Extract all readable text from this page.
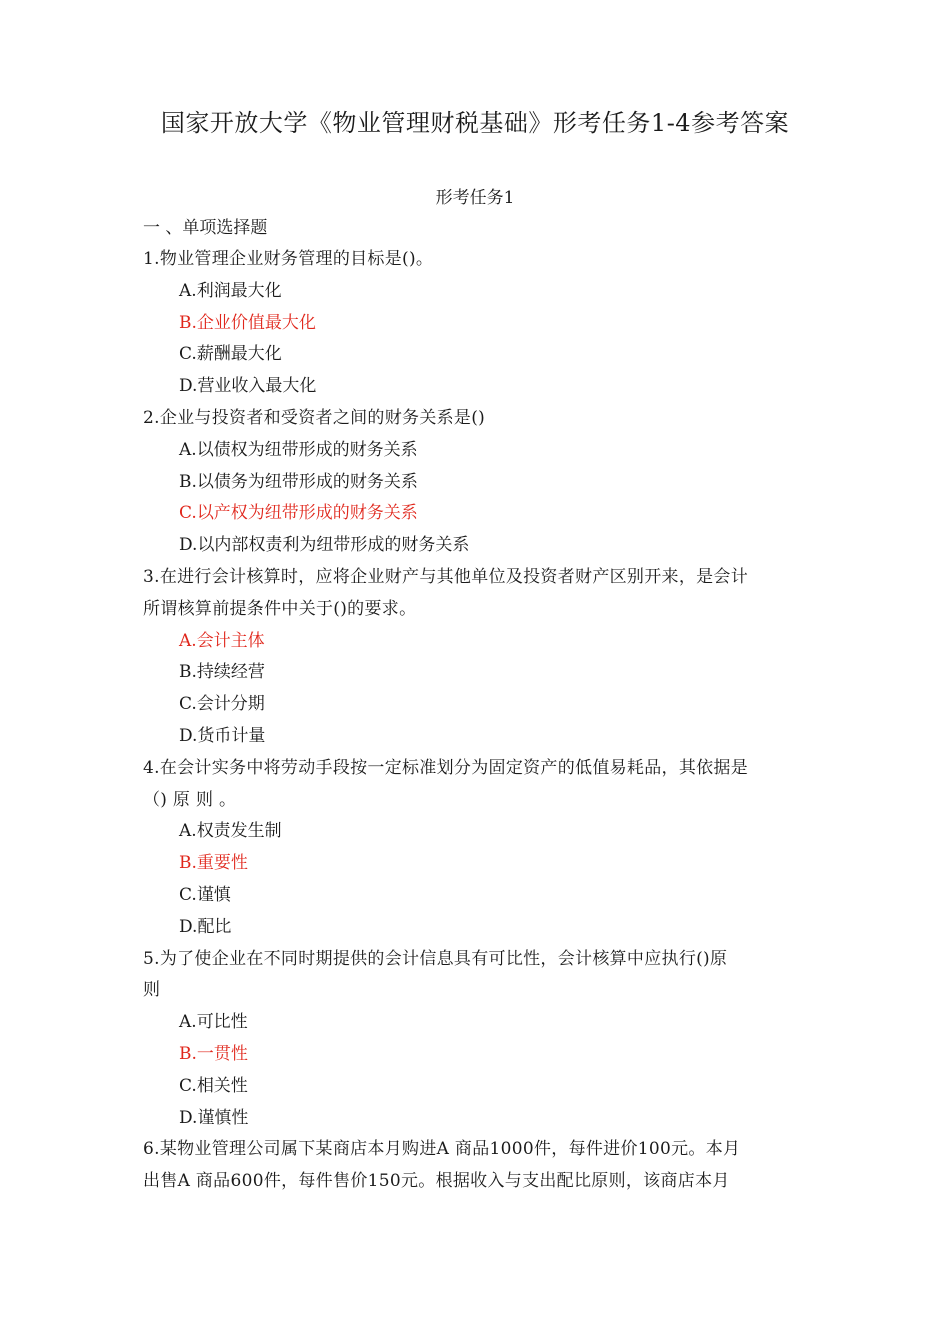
国家开放大学《物业管理财税基础》形考任务1-4参考答案
形考任务1
一 、单项选择题
1.物业管理企业财务管理的目标是()。
A.利润最大化
B.企业价值最大化
C.薪酬最大化
D.营业收入最大化
2.企业与投资者和受资者之间的财务关系是()
A.以债权为纽带形成的财务关系
B.以债务为纽带形成的财务关系
C.以产权为纽带形成的财务关系
D.以内部权责利为纽带形成的财务关系
3.在进行会计核算时，应将企业财产与其他单位及投资者财产区别开来，是会计
所谓核算前提条件中关于()的要求。
A.会计主体
B.持续经营
C.会计分期
D.货币计量
4.在会计实务中将劳动手段按一定标准划分为固定资产的低值易耗品，其依据是
（) 原 则 。
A.权责发生制
B.重要性
C.谨慎
D.配比
5.为了使企业在不同时期提供的会计信息具有可比性，会计核算中应执行()原
则
A.可比性
B.一贯性
C.相关性
D.谨慎性
6.某物业管理公司属下某商店本月购进A 商品1000件，每件进价100元。本月
出售A 商品600件，每件售价150元。根据收入与支出配比原则，该商店本月
